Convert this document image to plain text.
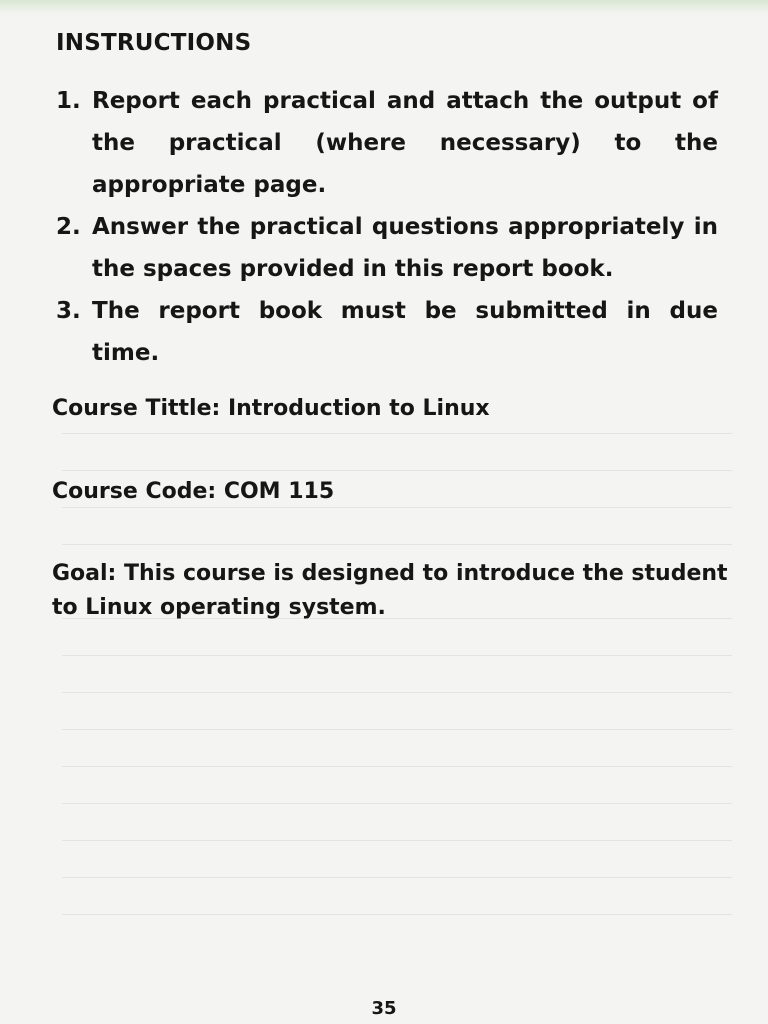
INSTRUCTIONS
1. Report each practical and attach the output of the practical (where necessary) to the appropriate page.
2. Answer the practical questions appropriately in the spaces provided in this report book.
3. The report book must be submitted in due time.
Course Tittle: Introduction to Linux
Course Code: COM 115
Goal: This course is designed to introduce the student to Linux operating system.
35
